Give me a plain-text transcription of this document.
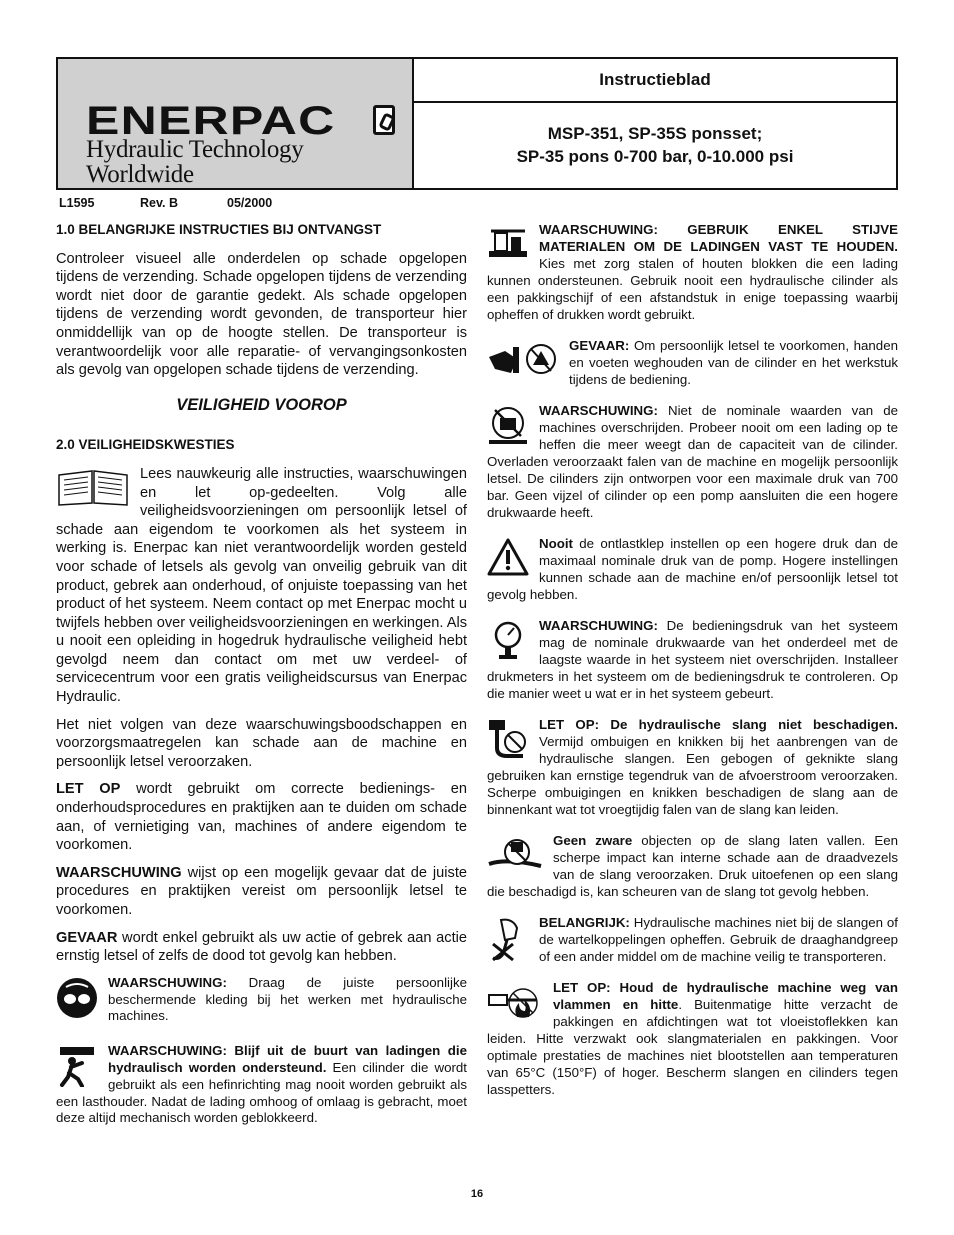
ENERPAC
Hydraulic Technology Worldwide
Instructieblad
MSP-351, SP-35S ponsset;
SP-35 pons 0-700 bar, 0-10.000 psi
L1595	Rev. B	05/2000
1.0 BELANGRIJKE INSTRUCTIES BIJ ONTVANGST

Controleer visueel alle onderdelen op schade opgelopen tijdens de verzending. Schade opgelopen tijdens de verzending wordt niet door de garantie gedekt. Als schade opgelopen tijdens de verzending wordt gevonden, de transporteur hier onmiddellijk van op de hoogte stellen. De transporteur is verantwoordelijk voor alle reparatie- of vervangingsonkosten als gevolg van opgelopen schade tijdens de verzending.

VEILIGHEID VOOROP
2.0 VEILIGHEIDSKWESTIES

Lees nauwkeurig alle instructies, waarschuwingen en let op-gedeelten. Volg alle veiligheidsvoorzieningen om persoonlijk letsel of schade aan eigendom te voorkomen als het systeem in werking is. Enerpac kan niet verantwoordelijk worden gesteld voor schade of letsels als gevolg van onveilig gebruik van dit product, gebrek aan onderhoud, of onjuiste toepassing van het product of het systeem. Neem contact op met Enerpac mocht u twijfels hebben over veiligheidsvoorzieningen en werkingen. Als u nooit een opleiding in hogedruk hydraulische veiligheid hebt gevolgd neem dan contact om met uw verdeel- of servicecentrum voor een gratis veiligheidscursus van Enerpac Hydraulic.

Het niet volgen van deze waarschuwingsboodschappen en voorzorgsmaatregelen kan schade aan de machine en persoonlijk letsel veroorzaken.

LET OP wordt gebruikt om correcte bedienings- en onderhoudsprocedures en praktijken aan te duiden om schade aan, of vernietiging van, machines of andere eigendom te voorkomen.

WAARSCHUWING wijst op een mogelijk gevaar dat de juiste procedures en praktijken vereist om persoonlijk letsel te voorkomen.

GEVAAR wordt enkel gebruikt als uw actie of gebrek aan actie ernstig letsel of zelfs de dood tot gevolg kan hebben.

WAARSCHUWING: Draag de juiste persoonlijke beschermende kleding bij het werken met hydraulische machines.

WAARSCHUWING: Blijf uit de buurt van ladingen die hydraulisch worden ondersteund. Een cilinder die wordt gebruikt als een hefinrichting mag nooit worden gebruikt als een lasthouder. Nadat de lading omhoog of omlaag is gebracht, moet deze altijd mechanisch worden geblokkeerd.

WAARSCHUWING: GEBRUIK ENKEL STIJVE MATERIALEN OM DE LADINGEN VAST TE HOUDEN. Kies met zorg stalen of houten blokken die een lading kunnen ondersteunen. Gebruik nooit een hydraulische cilinder als een pakkingschijf of een afstandstuk in enige toepassing waarbij opheffen of drukken wordt gebruikt.

GEVAAR: Om persoonlijk letsel te voorkomen, handen en voeten weghouden van de cilinder en het werkstuk tijdens de bediening.

WAARSCHUWING: Niet de nominale waarden van de machines overschrijden. Probeer nooit om een lading op te heffen die meer weegt dan de capaciteit van de cilinder. Overladen veroorzaakt falen van de machine en mogelijk persoonlijk letsel. De cilinders zijn ontworpen voor een maximale druk van 700 bar. Geen vijzel of cilinder op een pomp aansluiten die een hogere drukwaarde heeft.

Nooit de ontlastklep instellen op een hogere druk dan de maximaal nominale druk van de pomp. Hogere instellingen kunnen schade aan de machine en/of persoonlijk letsel tot gevolg hebben.

WAARSCHUWING: De bedieningsdruk van het systeem mag de nominale drukwaarde van het onderdeel met de laagste waarde in het systeem niet overschrijden. Installeer drukmeters in het systeem om de bedieningsdruk te controleren. Op die manier weet u wat er in het systeem gebeurt.

LET OP: De hydraulische slang niet beschadigen. Vermijd ombuigen en knikken bij het aanbrengen van de hydraulische slangen. Een gebogen of geknikte slang gebruiken kan ernstige tegendruk van de afvoerstroom veroorzaken. Scherpe ombuigingen en knikken beschadigen de slang aan de binnenkant wat tot vroegtijdig falen van de slang kan leiden.

Geen zware objecten op de slang laten vallen. Een scherpe impact kan interne schade aan de draadvezels van de slang veroorzaken. Druk uitoefenen op een slang die beschadigd is, kan scheuren van de slang tot gevolg hebben.

BELANGRIJK: Hydraulische machines niet bij de slangen of de wartelkoppelingen opheffen. Gebruik de draaghandgreep of een ander middel om de machine veilig te transporteren.

LET OP: Houd de hydraulische machine weg van vlammen en hitte. Buitenmatige hitte verzacht de pakkingen en afdichtingen wat tot vloeistoflekken kan leiden. Hitte verzwakt ook slangmaterialen en pakkingen. Voor optimale prestaties de machines niet blootstellen aan temperaturen van 65°C (150°F) of hoger. Bescherm slangen en cilinders tegen lasspetters.

16
